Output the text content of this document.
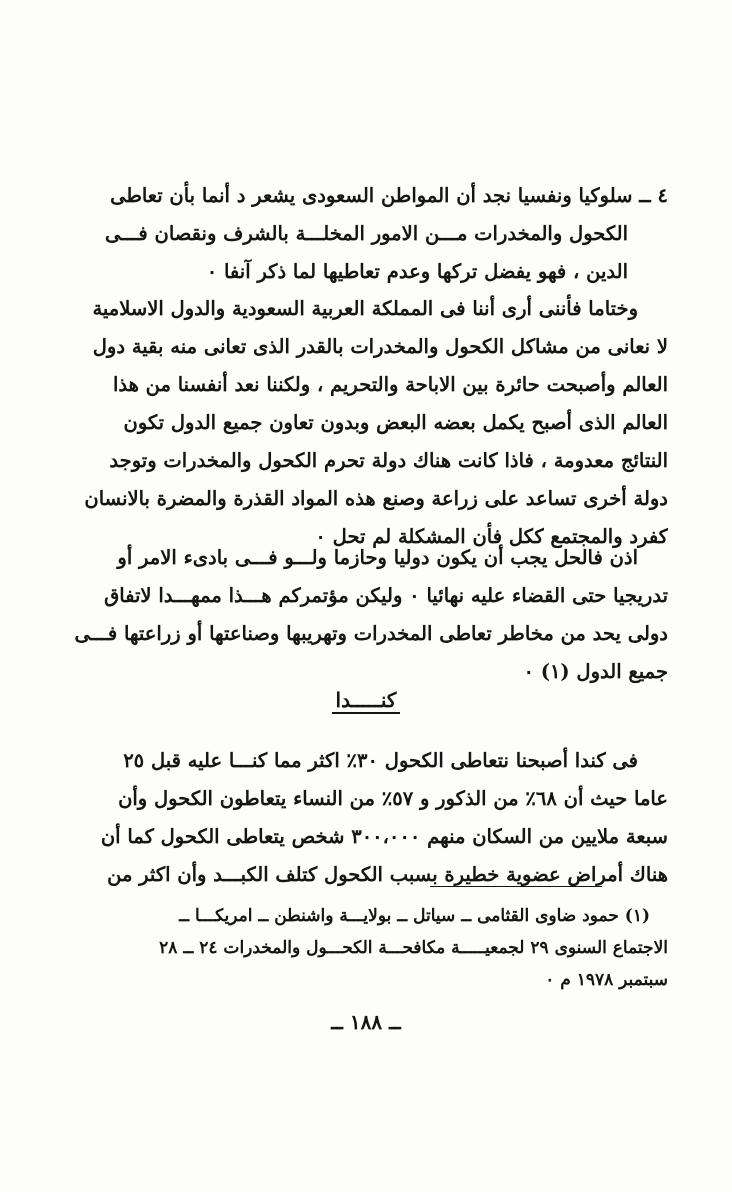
٤ ــ سلوكيا ونفسيا نجد أن المواطن السعودى يشعر د أنما بأن تعاطى
الكحول والمخدرات مـــن الامور المخلـــة بالشرف ونقصان فـــى
الدين ، فهو يفضل تركها وعدم تعاطيها لما ذكر آنفا ٠
وختاما فأننى أرى أننا فى المملكة العربية السعودية والدول الاسلامية
لا نعانى من مشاكل الكحول والمخدرات بالقدر الذى تعانى منه بقية دول
العالم وأصبحت حائرة بين الاباحة والتحريم ، ولكننا نعد أنفسنا من هذا
العالم الذى أصبح يكمل بعضه البعض وبدون تعاون جميع الدول تكون
النتائج معدومة ، فاذا كانت هناك دولة تحرم الكحول والمخدرات وتوجد
دولة أخرى تساعد على زراعة وصنع هذه المواد القذرة والمضرة بالانسان
كفرد والمجتمع ككل فأن المشكلة لم تحل ٠
اذن فالحل يجب أن يكون دوليا وحازما ولـــو فـــى بادىء الامر أو
تدريجيا حتى القضاء عليه نهائيا ٠ وليكن مؤتمركم هـــذا ممهـــدا لاتفاق
دولى يحد من مخاطر تعاطى المخدرات وتهريبها وصناعتها أو زراعتها فـــى
جميع الدول (١) ٠
كنـــــدا
فى كندا أصبحنا نتعاطى الكحول ٣٠٪ اكثر مما كنـــا عليه قبل ٢٥
عاما حيث أن ٦٨٪ من الذكور و ٥٧٪ من النساء يتعاطون الكحول وأن
سبعة ملايين من السكان منهم ٣٠٠،٠٠٠ شخص يتعاطى الكحول كما أن
هناك أمراض عضوية خطيرة بسبب الكحول كتلف الكبـــد وأن اكثر من
(١) حمود ضاوى القثامى ــ سياتل ــ بولايـــة واشنطن ــ امريكـــا ــ
الاجتماع السنوى ٢٩ لجمعيـــــة مكافحـــة الكحـــول والمخدرات ٢٤ ــ ٢٨
سبتمبر ١٩٧٨ م ٠
ــ ١٨٨ ــ
